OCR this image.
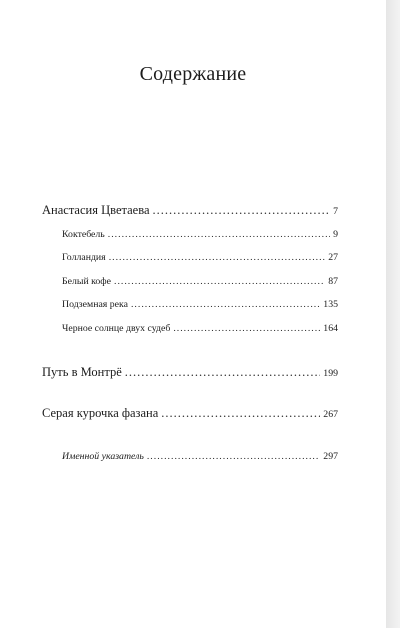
Содержание
Анастасия Цветаева .....	7
Коктебель .....	9
Голландия .....	27
Белый кофе .....	87
Подземная река .....	135
Черное солнце двух судеб .....	164
Путь в Монтрё .....	199
Серая курочка фазана .....	267
Именной указатель .....	297
